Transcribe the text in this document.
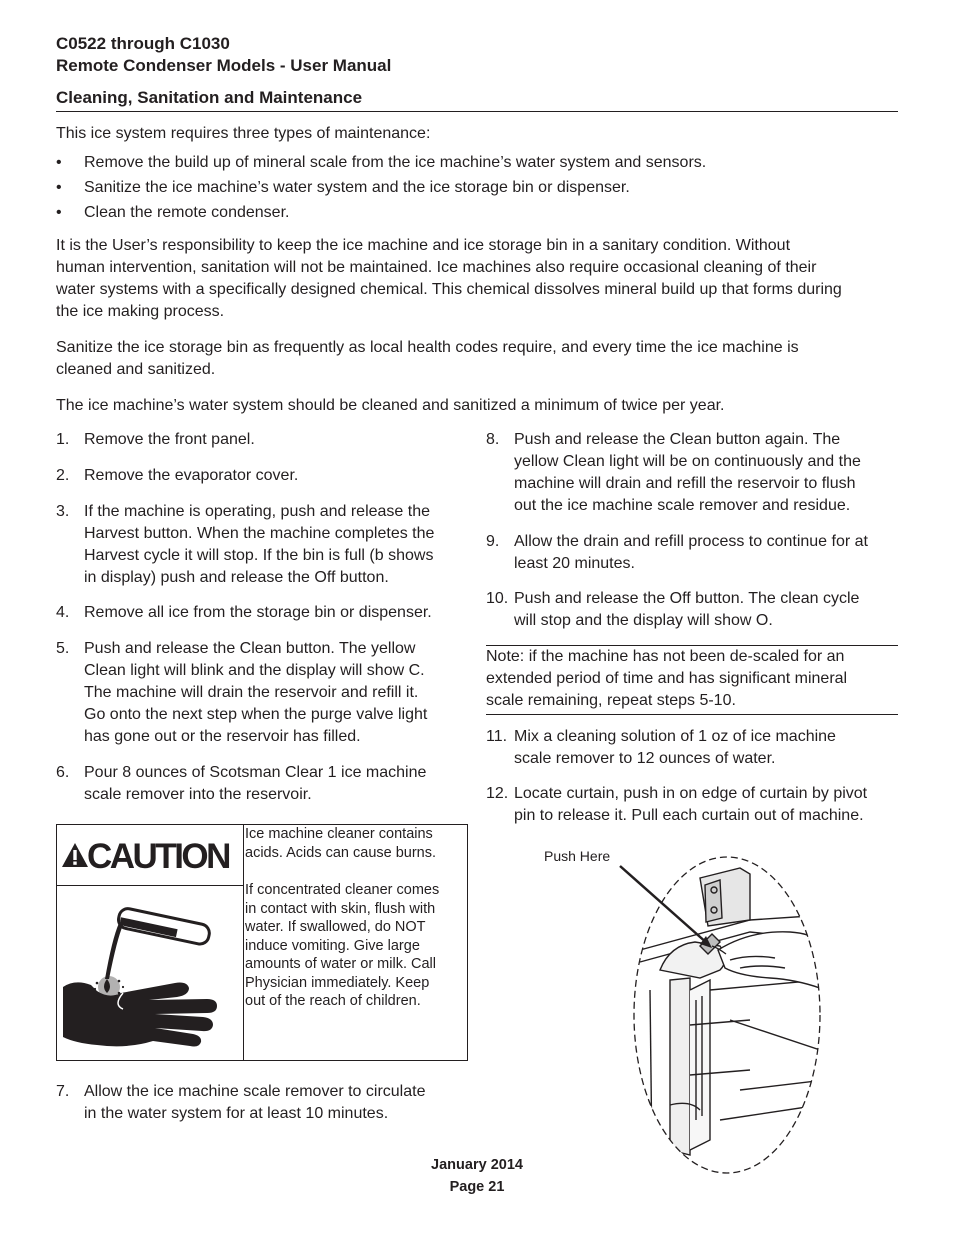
C0522 through C1030
Remote Condenser Models - User Manual
Cleaning, Sanitation and Maintenance
This ice system requires three types of maintenance:
• Remove the build up of mineral scale from the ice machine’s water system and sensors.
• Sanitize the ice machine’s water system and the ice storage bin or dispenser.
• Clean the remote condenser.
It is the User’s responsibility to keep the ice machine and ice storage bin in a sanitary condition. Without
human intervention, sanitation will not be maintained. Ice machines also require occasional cleaning of their
water systems with a specifically designed chemical. This chemical dissolves mineral build up that forms during
the ice making process.
Sanitize the ice storage bin as frequently as local health codes require, and every time the ice machine is
cleaned and sanitized.
The ice machine’s water system should be cleaned and sanitized a minimum of twice per year.
1. Remove the front panel.
2. Remove the evaporator cover.
3. If the machine is operating, push and release the
Harvest button. When the machine completes the
Harvest cycle it will stop. If the bin is full (b shows
in display) push and release the Off button.
4. Remove all ice from the storage bin or dispenser.
5. Push and release the Clean button. The yellow
Clean light will blink and the display will show C.
The machine will drain the reservoir and refill it.
Go onto the next step when the purge valve light
has gone out or the reservoir has filled.
6. Pour 8 ounces of Scotsman Clear 1 ice machine
scale remover into the reservoir.
CAUTION
Ice machine cleaner contains
acids. Acids can cause burns.
If concentrated cleaner comes
in contact with skin, flush with
water. If swallowed, do NOT
induce vomiting. Give large
amounts of water or milk. Call
Physician immediately. Keep
out of the reach of children.
7. Allow the ice machine scale remover to circulate
in the water system for at least 10 minutes.
8. Push and release the Clean button again. The
yellow Clean light will be on continuously and the
machine will drain and refill the reservoir to flush
out the ice machine scale remover and residue.
9. Allow the drain and refill process to continue for at
least 20 minutes.
10. Push and release the Off button. The clean cycle
will stop and the display will show O.
Note: if the machine has not been de-scaled for an
extended period of time and has significant mineral
scale remaining, repeat steps 5-10.
11. Mix a cleaning solution of 1 oz of ice machine
scale remover to 12 ounces of water.
12. Locate curtain, push in on edge of curtain by pivot
pin to release it. Pull each curtain out of machine.
Push Here
January 2014
Page 21
